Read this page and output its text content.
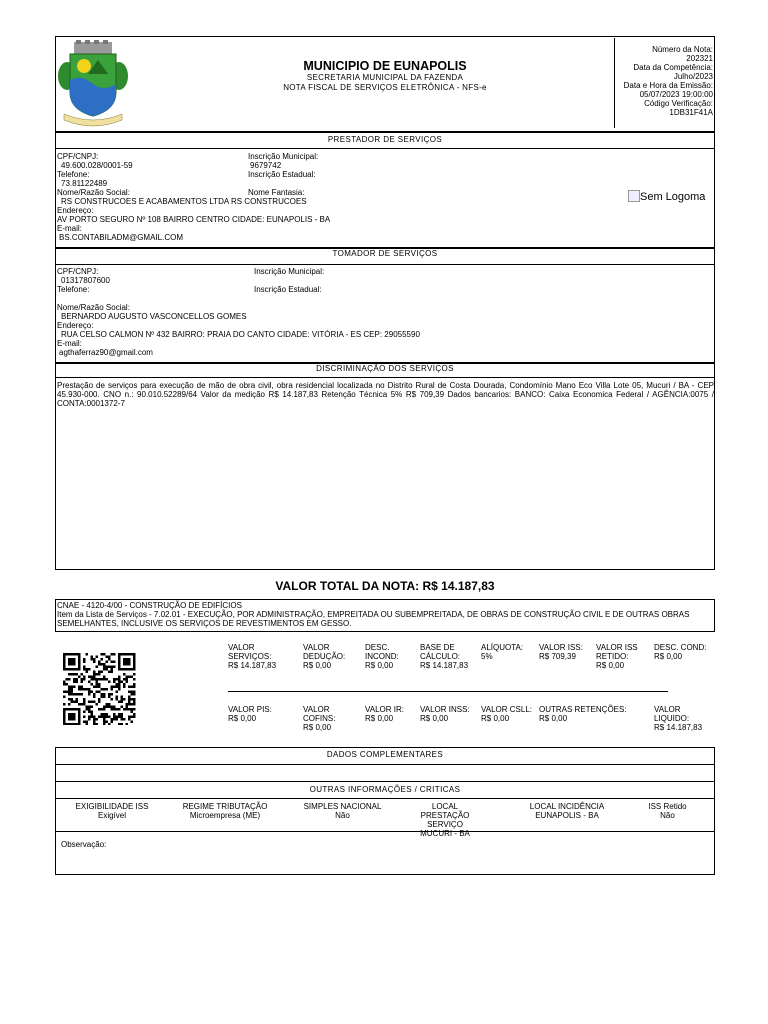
MUNICIPIO DE EUNAPOLIS
SECRETARIA MUNICIPAL DA FAZENDA
NOTA FISCAL DE SERVIÇOS ELETRÔNICA - NFS-e
Número da Nota:
202321
Data da Competência:
Julho/2023
Data e Hora da Emissão:
05/07/2023 19:00:00
Código Verificação:
1DB31F41A
PRESTADOR DE SERVIÇOS
CPF/CNPJ:
49.600.028/0001-59
Telefone:
73.81122489
Nome/Razão Social:
RS CONSTRUCOES E ACABAMENTOS LTDA RS CONSTRUCOES
Endereço:
AV PORTO SEGURO Nº 108 BAIRRO CENTRO CIDADE: EUNAPOLIS - BA
E-mail:
BS.CONTABILADM@GMAIL.COM
Inscrição Municipal:
9679742
Inscrição Estadual:
Nome Fantasia:	Sem Logoma
TOMADOR DE SERVIÇOS
CPF/CNPJ:
01317807600
Telefone:
Inscrição Municipal:
Inscrição Estadual:
Nome/Razão Social:
BERNARDO AUGUSTO VASCONCELLOS GOMES
Endereço:
RUA CELSO CALMON Nº 432 BAIRRO: PRAIA DO CANTO CIDADE: VITÓRIA - ES CEP: 29055590
E-mail:
agthaferraz90@gmail.com
DISCRIMINAÇÃO DOS SERVIÇOS
Prestação de serviços para execução de mão de obra civil, obra residencial localizada no Distrito Rural de Costa Dourada, Condomínio Mano Eco Villa Lote 05, Mucuri / BA - CEP 45.930-000. CNO n.: 90.010.52289/64 Valor da medição R$ 14.187,83 Retenção Técnica 5% R$ 709,39 Dados bancarios: BANCO: Caixa Economica Federal / AGÊNCIA:0075 / CONTA:0001372-7
VALOR TOTAL DA NOTA: R$ 14.187,83
CNAE - 4120-4/00 - CONSTRUÇÃO DE EDIFÍCIOS
Item da Lista de Serviços - 7.02.01 - EXECUÇÃO, POR ADMINISTRAÇÃO, EMPREITADA OU SUBEMPREITADA, DE OBRAS DE CONSTRUÇÃO CIVIL E DE OUTRAS OBRAS SEMELHANTES, INCLUSIVE OS SERVIÇOS DE REVESTIMENTOS EM GESSO.
VALOR SERVIÇOS:
R$ 14.187,83
VALOR DEDUÇÃO:
R$ 0,00
DESC. INCOND:
R$ 0,00
BASE DE CÁLCULO:
R$ 14.187,83
ALÍQUOTA:
5%
VALOR ISS:
R$ 709,39
VALOR ISS RETIDO:
R$ 0,00
DESC. COND:
R$ 0,00
VALOR PIS:
R$ 0,00
VALOR COFINS:
R$ 0,00
VALOR IR:
R$ 0,00
VALOR INSS:
R$ 0,00
VALOR CSLL:
R$ 0,00
OUTRAS RETENÇÕES:
R$ 0,00
VALOR LIQUIDO:
R$ 14.187,83
DADOS COMPLEMENTARES
OUTRAS INFORMAÇÕES / CRITICAS
EXIGIBILIDADE ISS
Exigível
REGIME TRIBUTAÇÃO
Microempresa (ME)
SIMPLES NACIONAL
Não
LOCAL PRESTAÇÃO SERVIÇO
MUCURI - BA
LOCAL INCIDÊNCIA
EUNAPOLIS - BA
ISS Retido
Não
Observação:
